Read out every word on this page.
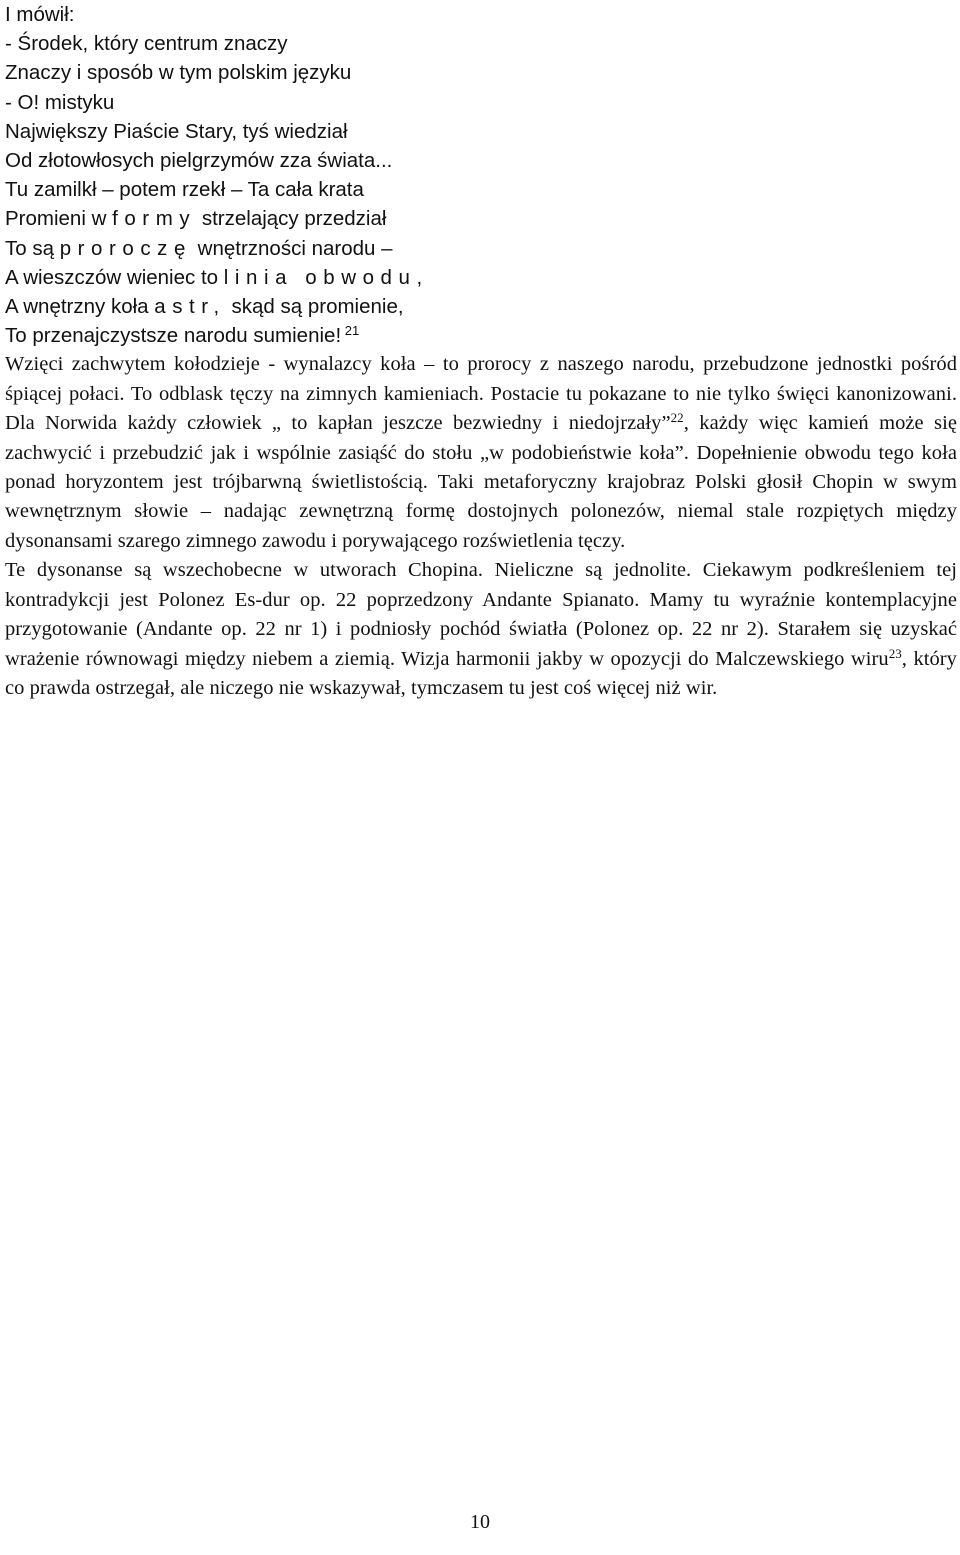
I mówił:
- Środek, który centrum znaczy
Znaczy i sposób w tym polskim języku
- O! mistyku
Największy Piaście Stary, tyś wiedział
Od złotowłosych pielgrzymów zza świata...
Tu zamilkł – potem rzekł – Ta cała krata
Promieni w formy strzelający przedział
To są proroczę wnętrzności narodu –
A wieszczów wieniec to linia obwodu,
A wnętrzny koła astr, skąd są promienie,
To przenajczystsze narodu sumienie! $^{21}$

Wzięci zachwytem kołodzieje - wynalazcy koła – to prorocy z naszego narodu, przebudzone jednostki pośród śpiącej połaci. To odblask tęczy na zimnych kamieniach. Postacie tu pokazane to nie tylko święci kanonizowani. Dla Norwida każdy człowiek „ to kapłan jeszcze bezwiedny i niedojrzały”$^{22}$, każdy więc kamień może się zachwycić i przebudzić jak i wspólnie zasiąść do stołu „w podobieństwie koła”. Dopełnienie obwodu tego koła ponad horyzontem jest trójbarwną świetlistością. Taki metaforyczny krajobraz Polski głosił Chopin w swym wewnętrznym słowie – nadając zewnętrzną formę dostojnych polonezów, niemal stale rozpiętych między dysonansami szarego zimnego zawodu i porywającego rozświetlenia tęczy.

Te dysonanse są wszechobecne w utworach Chopina. Nieliczne są jednolite. Ciekawym podkreśleniem tej kontradykcji jest Polonez Es-dur op. 22 poprzedzony Andante Spianato. Mamy tu wyraźnie kontemplacyjne przygotowanie (Andante op. 22 nr 1) i podniosły pochód światła (Polonez op. 22 nr 2). Starałem się uzyskać wrażenie równowagi między niebem a ziemią. Wizja harmonii jakby w opozycji do Malczewskiego wiru$^{23}$, który co prawda ostrzegał, ale niczego nie wskazywał, tymczasem tu jest coś więcej niż wir.

10
